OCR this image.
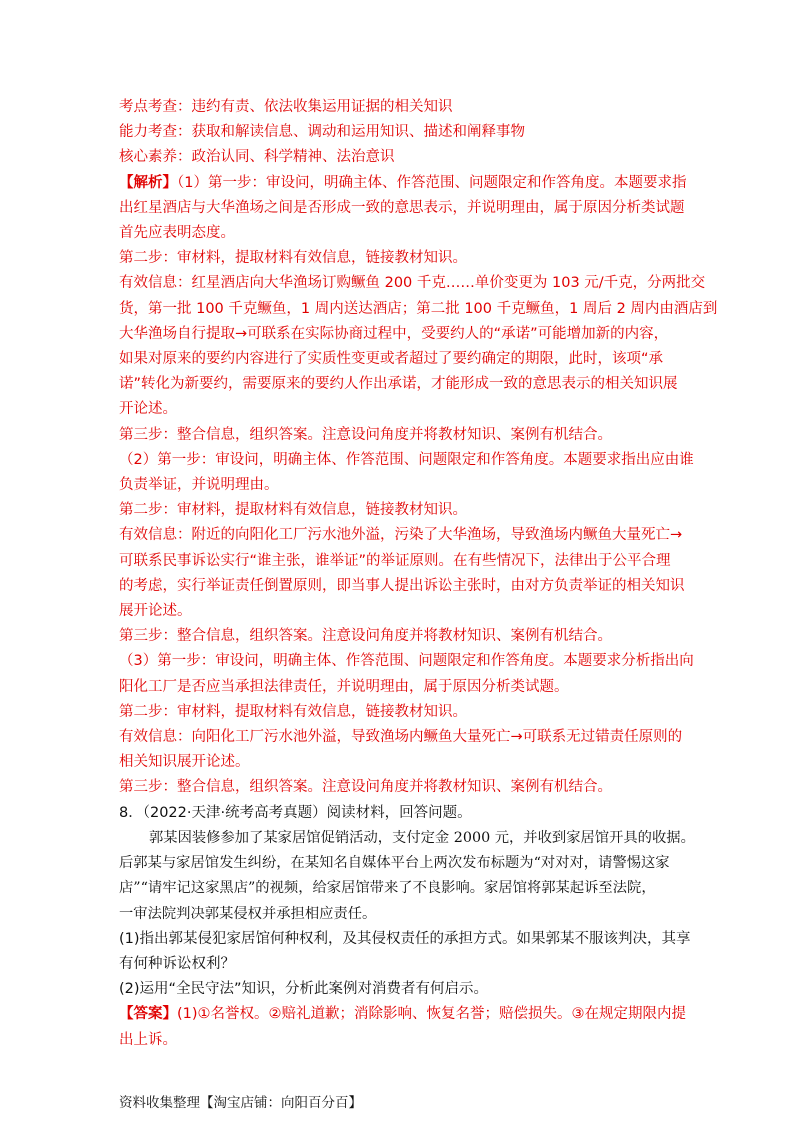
考点考查：违约有责、依法收集运用证据的相关知识
能力考查：获取和解读信息、调动和运用知识、描述和阐释事物
核心素养：政治认同、科学精神、法治意识
【解析】（1）第一步：审设问，明确主体、作答范围、问题限定和作答角度。本题要求指
出红星酒店与大华渔场之间是否形成一致的意思表示，并说明理由，属于原因分析类试题
首先应表明态度。
第二步：审材料，提取材料有效信息，链接教材知识。
有效信息：红星酒店向大华渔场订购鳜鱼 200 千克……单价变更为 103 元/千克，分两批交
货，第一批 100 千克鳜鱼，1 周内送达酒店；第二批 100 千克鳜鱼，1 周后 2 周内由酒店到
大华渔场自行提取→可联系在实际协商过程中，受要约人的“承诺”可能增加新的内容，
如果对原来的要约内容进行了实质性变更或者超过了要约确定的期限，此时，该项“承
诺”转化为新要约，需要原来的要约人作出承诺，才能形成一致的意思表示的相关知识展
开论述。
第三步：整合信息，组织答案。注意设问角度并将教材知识、案例有机结合。
（2）第一步：审设问，明确主体、作答范围、问题限定和作答角度。本题要求指出应由谁
负责举证，并说明理由。
第二步：审材料，提取材料有效信息，链接教材知识。
有效信息：附近的向阳化工厂污水池外溢，污染了大华渔场，导致渔场内鳜鱼大量死亡→
可联系民事诉讼实行“谁主张，谁举证”的举证原则。在有些情况下，法律出于公平合理
的考虑，实行举证责任倒置原则，即当事人提出诉讼主张时，由对方负责举证的相关知识
展开论述。
第三步：整合信息，组织答案。注意设问角度并将教材知识、案例有机结合。
（3）第一步：审设问，明确主体、作答范围、问题限定和作答角度。本题要求分析指出向
阳化工厂是否应当承担法律责任，并说明理由，属于原因分析类试题。
第二步：审材料，提取材料有效信息，链接教材知识。
有效信息：向阳化工厂污水池外溢，导致渔场内鳜鱼大量死亡→可联系无过错责任原则的
相关知识展开论述。
第三步：整合信息，组织答案。注意设问角度并将教材知识、案例有机结合。
8．（2022·天津·统考高考真题）阅读材料，回答问题。
郭某因装修参加了某家居馆促销活动，支付定金 2000 元，并收到家居馆开具的收据。
后郭某与家居馆发生纠纷，在某知名自媒体平台上两次发布标题为“对对对，请警惕这家
店”“请牢记这家黑店”的视频，给家居馆带来了不良影响。家居馆将郭某起诉至法院，
一审法院判决郭某侵权并承担相应责任。
(1)指出郭某侵犯家居馆何种权利，及其侵权责任的承担方式。如果郭某不服该判决，其享
有何种诉讼权利？
(2)运用“全民守法”知识，分析此案例对消费者有何启示。
【答案】(1)①名誉权。②赔礼道歉；消除影响、恢复名誉；赔偿损失。③在规定期限内提
出上诉。
资料收集整理【淘宝店铺：向阳百分百】
